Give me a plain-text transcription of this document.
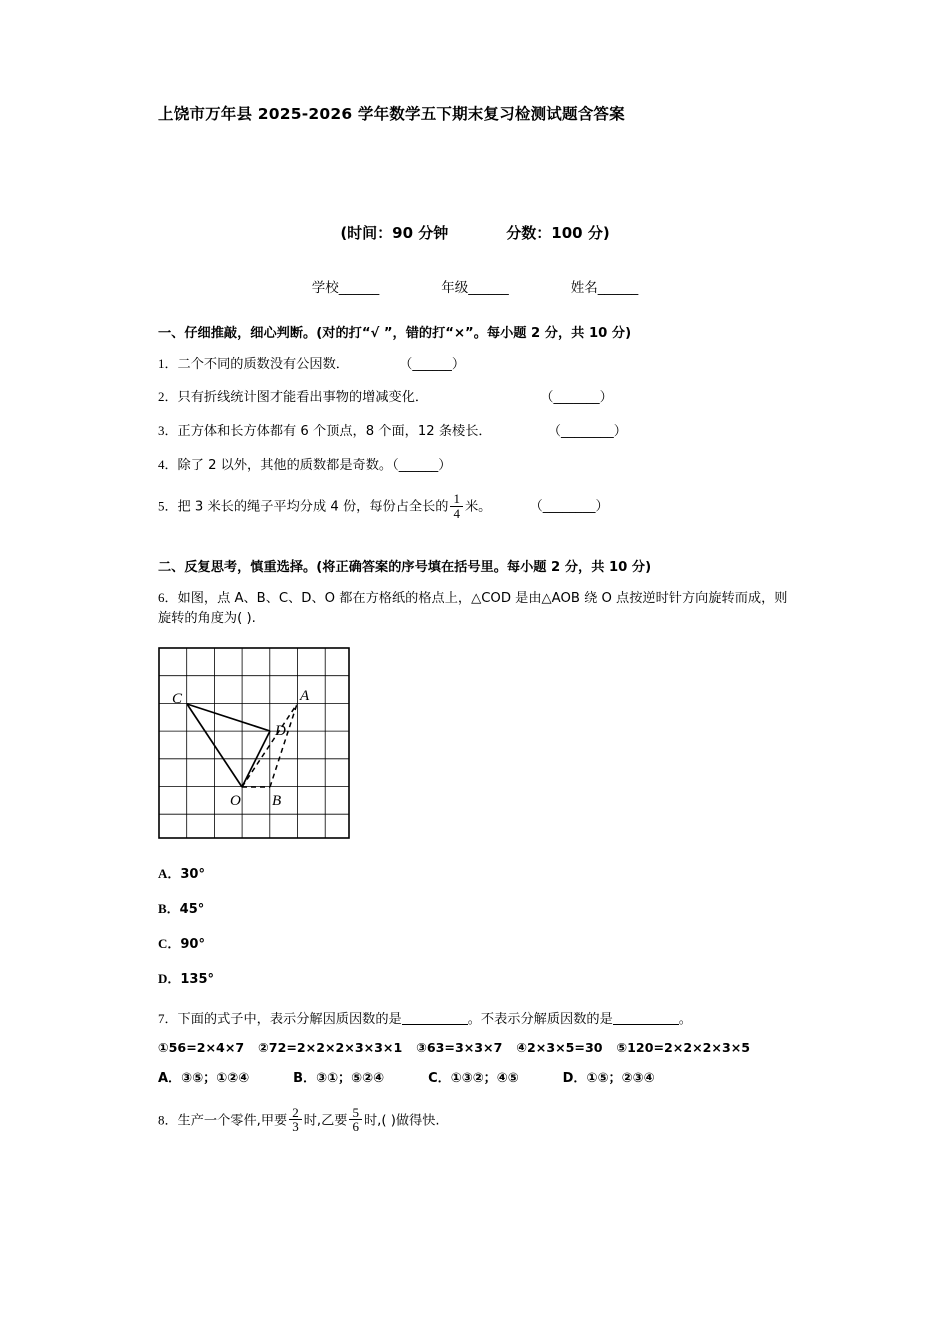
上饶市万年县 2025-2026 学年数学五下期末复习检测试题含答案
(时间：90 分钟	分数：100 分)
学校______	年级______	姓名______
一、仔细推敲，细心判断。(对的打“√ ”，错的打“×”。每小题 2 分，共 10 分)
1．二个不同的质数没有公因数．	（______）
2．只有折线统计图才能看出事物的增减变化．	（_______）
3．正方体和长方体都有 6 个顶点，8 个面，12 条棱长．	（________）
4．除了 2 以外，其他的质数都是奇数。（______）
5．把 3 米长的绳子平均分成 4 份，每份占全长的 $\frac{1}{4}$ 米。	（________）
二、反复思考，慎重选择。(将正确答案的序号填在括号里。每小题 2 分，共 10 分)
6．如图，点 A、B、C、D、O 都在方格纸的格点上，△COD 是由△AOB 绕 O 点按逆时针方向旋转而成，则旋转的角度为( ).
C	A
D
O B
A．30°
B．45°
C．90°
D．135°
7．下面的式子中，表示分解因质因数的是	。不表示分解质因数的是	。
①56=2×4×7 ②72=2×2×2×3×3×1 ③63=3×3×7 ④2×3×5=30 ⑤120=2×2×2×3×5
A．③⑤；①②④	B．③①；⑤②④	C．①③②；④⑤	D．①⑤；②③④
8．生产一个零件,甲要 $\frac{2}{3}$ 时,乙要 $\frac{5}{6}$ 时,( )做得快.
